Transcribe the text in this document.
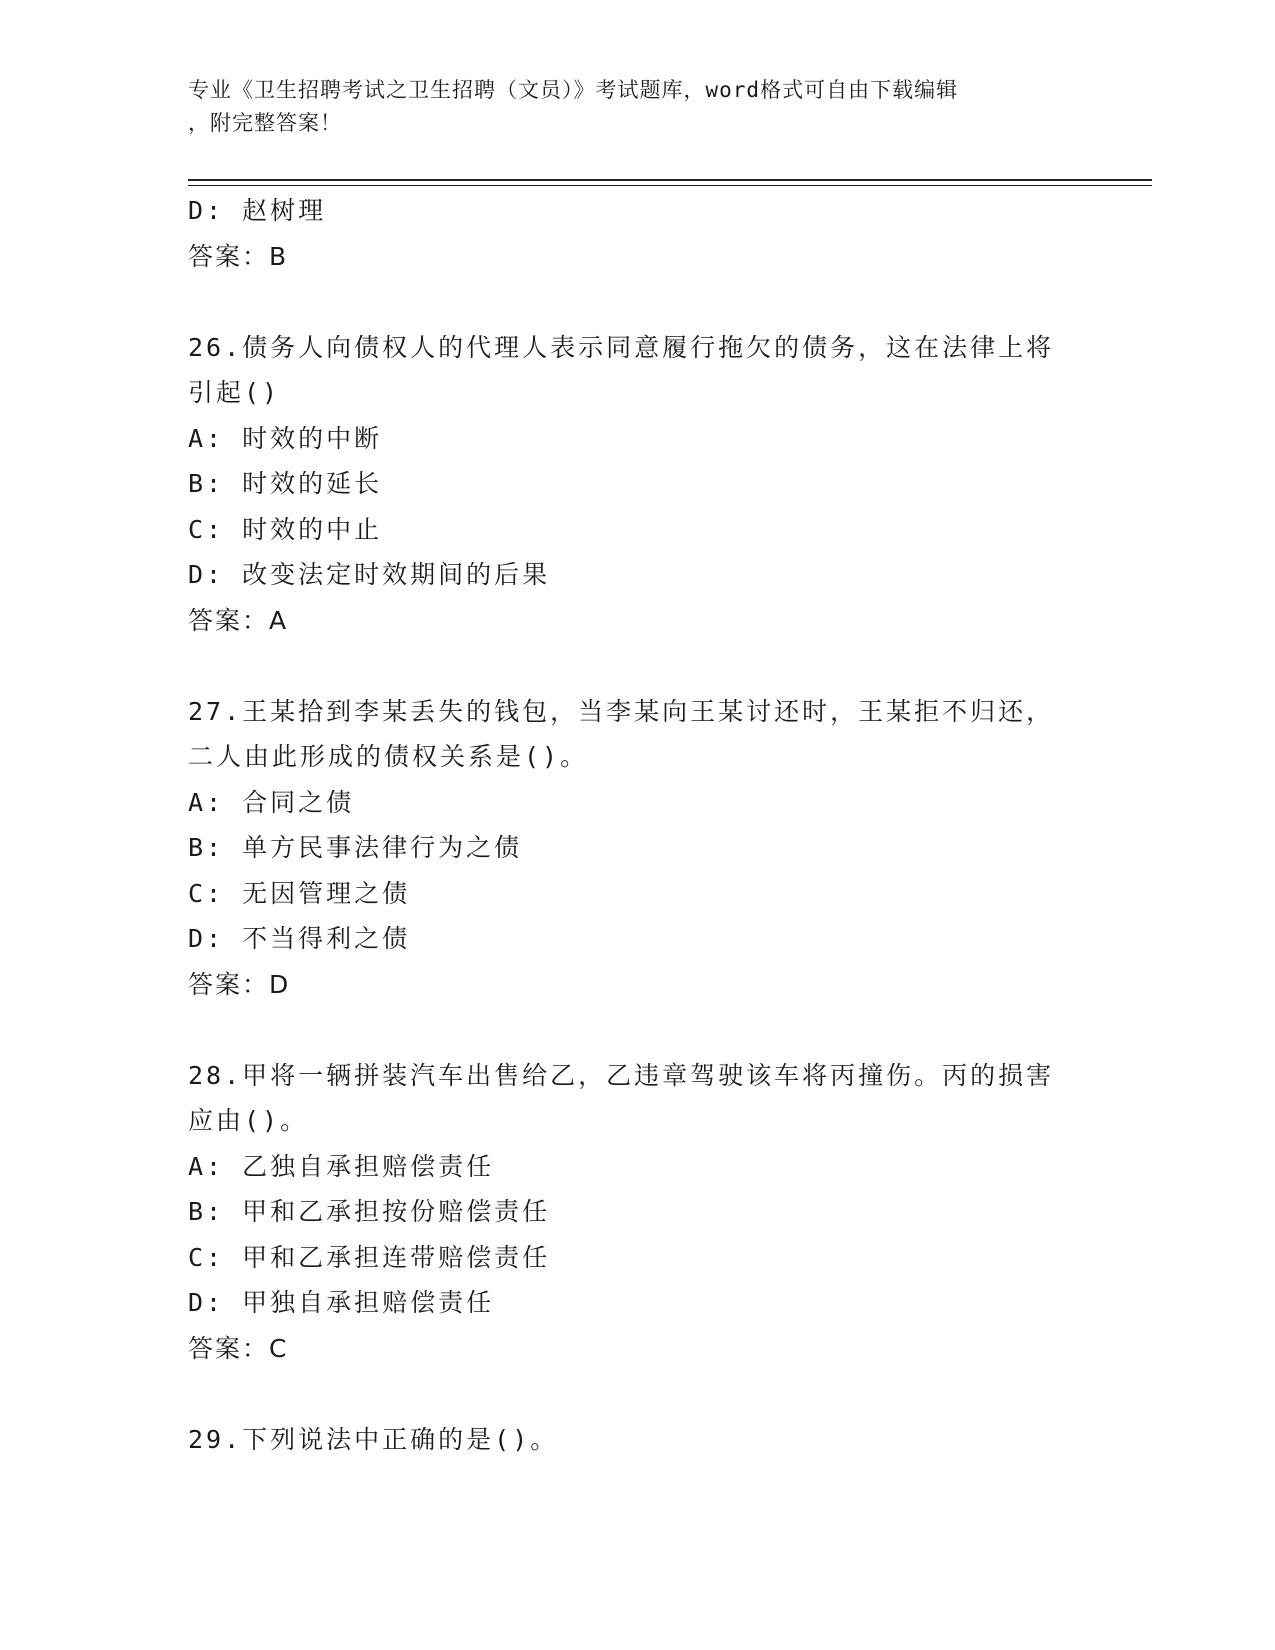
专业《卫生招聘考试之卫生招聘（文员）》考试题库，word格式可自由下载编辑
，附完整答案！
D: 赵树理
答案：B
26.债务人向债权人的代理人表示同意履行拖欠的债务，这在法律上将
引起()
A: 时效的中断
B: 时效的延长
C: 时效的中止
D: 改变法定时效期间的后果
答案：A
27.王某拾到李某丢失的钱包，当李某向王某讨还时，王某拒不归还，
二人由此形成的债权关系是()。
A: 合同之债
B: 单方民事法律行为之债
C: 无因管理之债
D: 不当得利之债
答案：D
28.甲将一辆拼装汽车出售给乙，乙违章驾驶该车将丙撞伤。丙的损害
应由()。
A: 乙独自承担赔偿责任
B: 甲和乙承担按份赔偿责任
C: 甲和乙承担连带赔偿责任
D: 甲独自承担赔偿责任
答案：C
29.下列说法中正确的是()。
